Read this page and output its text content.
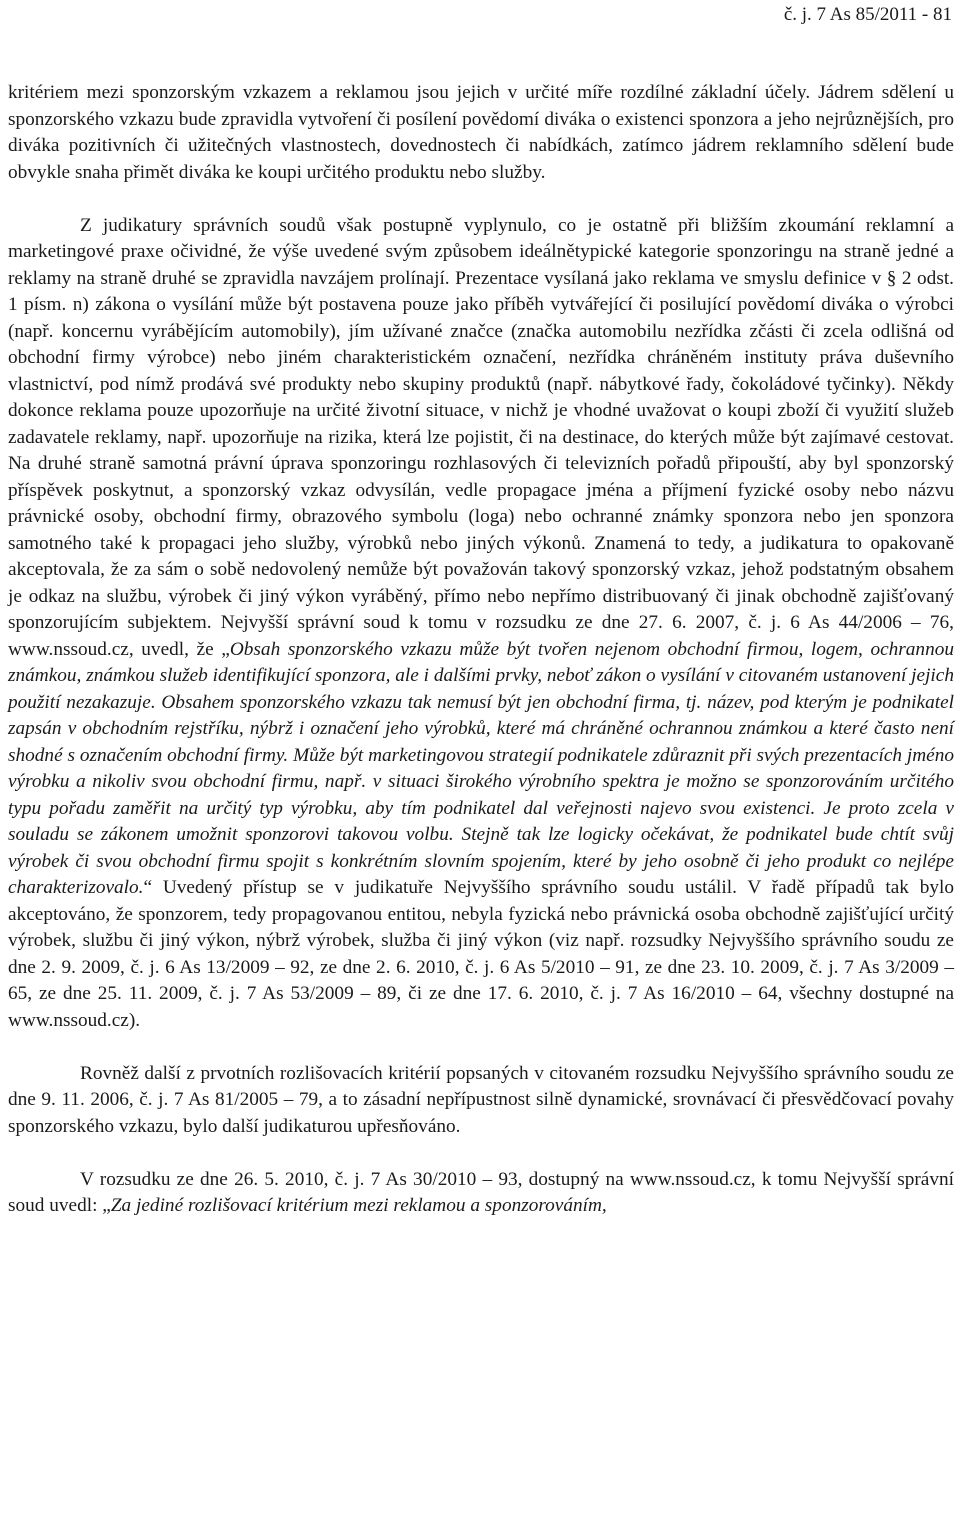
č. j. 7 As 85/2011 - 81

kritériem mezi sponzorským vzkazem a reklamou jsou jejich v určité míře rozdílné základní účely. Jádrem sdělení u sponzorského vzkazu bude zpravidla vytvoření či posílení povědomí diváka o existenci sponzora a jeho nejrůznějších, pro diváka pozitivních či užitečných vlastnostech, dovednostech či nabídkách, zatímco jádrem reklamního sdělení bude obvykle snaha přimět diváka ke koupi určitého produktu nebo služby.

Z judikatury správních soudů však postupně vyplynulo, co je ostatně při bližším zkoumání reklamní a marketingové praxe očividné, že výše uvedené svým způsobem ideálnětypické kategorie sponzoringu na straně jedné a reklamy na straně druhé se zpravidla navzájem prolínají. Prezentace vysílaná jako reklama ve smyslu definice v § 2 odst. 1 písm. n) zákona o vysílání může být postavena pouze jako příběh vytvářející či posilující povědomí diváka o výrobci (např. koncernu vyrábějícím automobily), jím užívané značce (značka automobilu nezřídka zčásti či zcela odlišná od obchodní firmy výrobce) nebo jiném charakteristickém označení, nezřídka chráněném instituty práva duševního vlastnictví, pod nímž prodává své produkty nebo skupiny produktů (např. nábytkové řady, čokoládové tyčinky). Někdy dokonce reklama pouze upozorňuje na určité životní situace, v nichž je vhodné uvažovat o koupi zboží či využití služeb zadavatele reklamy, např. upozorňuje na rizika, která lze pojistit, či na destinace, do kterých může být zajímavé cestovat. Na druhé straně samotná právní úprava sponzoringu rozhlasových či televizních pořadů připouští, aby byl sponzorský příspěvek poskytnut, a sponzorský vzkaz odvysílán, vedle propagace jména a příjmení fyzické osoby nebo názvu právnické osoby, obchodní firmy, obrazového symbolu (loga) nebo ochranné známky sponzora nebo jen sponzora samotného také k propagaci jeho služby, výrobků nebo jiných výkonů. Znamená to tedy, a judikatura to opakovaně akceptovala, že za sám o sobě nedovolený nemůže být považován takový sponzorský vzkaz, jehož podstatným obsahem je odkaz na službu, výrobek či jiný výkon vyráběný, přímo nebo nepřímo distribuovaný či jinak obchodně zajišťovaný sponzorujícím subjektem. Nejvyšší správní soud k tomu v rozsudku ze dne 27. 6. 2007, č. j. 6 As 44/2006 – 76, www.nssoud.cz, uvedl, že „Obsah sponzorského vzkazu může být tvořen nejenom obchodní firmou, logem, ochrannou známkou, známkou služeb identifikující sponzora, ale i dalšími prvky, neboť zákon o vysílání v citovaném ustanovení jejich použití nezakazuje. Obsahem sponzorského vzkazu tak nemusí být jen obchodní firma, tj. název, pod kterým je podnikatel zapsán v obchodním rejstříku, nýbrž i označení jeho výrobků, které má chráněné ochrannou známkou a které často není shodné s označením obchodní firmy. Může být marketingovou strategií podnikatele zdůraznit při svých prezentacích jméno výrobku a nikoliv svou obchodní firmu, např. v situaci širokého výrobního spektra je možno se sponzorováním určitého typu pořadu zaměřit na určitý typ výrobku, aby tím podnikatel dal veřejnosti najevo svou existenci. Je proto zcela v souladu se zákonem umožnit sponzorovi takovou volbu. Stejně tak lze logicky očekávat, že podnikatel bude chtít svůj výrobek či svou obchodní firmu spojit s konkrétním slovním spojením, které by jeho osobně či jeho produkt co nejlépe charakterizovalo.“ Uvedený přístup se v judikatuře Nejvyššího správního soudu ustálil. V řadě případů tak bylo akceptováno, že sponzorem, tedy propagovanou entitou, nebyla fyzická nebo právnická osoba obchodně zajišťující určitý výrobek, službu či jiný výkon, nýbrž výrobek, služba či jiný výkon (viz např. rozsudky Nejvyššího správního soudu ze dne 2. 9. 2009, č. j. 6 As 13/2009 – 92, ze dne 2. 6. 2010, č. j. 6 As 5/2010 – 91, ze dne 23. 10. 2009, č. j. 7 As 3/2009 – 65, ze dne 25. 11. 2009, č. j. 7 As 53/2009 – 89, či ze dne 17. 6. 2010, č. j. 7 As 16/2010 – 64, všechny dostupné na www.nssoud.cz).

Rovněž další z prvotních rozlišovacích kritérií popsaných v citovaném rozsudku Nejvyššího správního soudu ze dne 9. 11. 2006, č. j. 7 As 81/2005 – 79, a to zásadní nepřípustnost silně dynamické, srovnávací či přesvědčovací povahy sponzorského vzkazu, bylo další judikaturou upřesňováno.

V rozsudku ze dne 26. 5. 2010, č. j. 7 As 30/2010 – 93, dostupný na www.nssoud.cz, k tomu Nejvyšší správní soud uvedl: „Za jediné rozlišovací kritérium mezi reklamou a sponzorováním,
